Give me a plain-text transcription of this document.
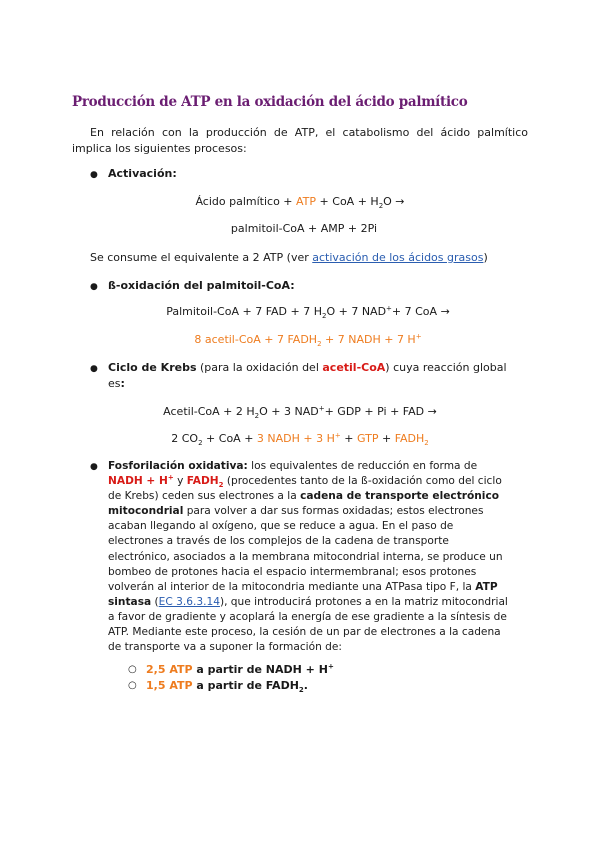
Producción de ATP en la oxidación del ácido palmítico

En relación con la producción de ATP, el catabolismo del ácido palmítico implica los siguientes procesos:

● Activación:
Ácido palmítico + ATP + CoA + $H_2O$ →
palmitoil-CoA + AMP + 2Pi
Se consume el equivalente a 2 ATP (ver activación de los ácidos grasos)
● ß-oxidación del palmitoil-CoA:
Palmitoil-CoA + 7 FAD + 7 $H_2O + 7$ NAD++ 7 CoA →
8 acetil-CoA + 7 $FADH_2 + 7$ NADH + 7 H+
● Ciclo de Krebs (para la oxidación del acetil-CoA) cuya reacción global
es:
Acetil-CoA + 2 $H_2O + 3$ NAD++ GDP + Pi + FAD →
2 $CO_2$ + CoA + 3 NADH + 3 H+ + GTP + $FADH_2$
● Fosforilación oxidativa: los equivalentes de reducción en forma de NADH + H+ y $FADH_2$ (procedentes tanto de la ß-oxidación como del ciclo de Krebs) ceden sus electrones a la cadena de transporte electrónico mitocondrial para volver a dar sus formas oxidadas; estos electrones acaban llegando al oxígeno, que se reduce a agua. En el paso de electrones a través de los complejos de la cadena de transporte electrónico, asociados a la membrana mitocondrial interna, se produce un bombeo de protones hacia el espacio intermembranal; esos protones volverán al interior de la mitocondria mediante una ATPasa tipo F, la ATP sintasa (EC 3.6.3.14), que introducirá protones a en la matriz mitocondrial a favor de gradiente y acoplará la energía de ese gradiente a la síntesis de ATP. Mediante este proceso, la cesión de un par de electrones a la cadena de transporte va a suponer la formación de:

○ 2,5 ATP a partir de NADH + H+
○ 1,5 ATP a partir de $FADH_2$.
